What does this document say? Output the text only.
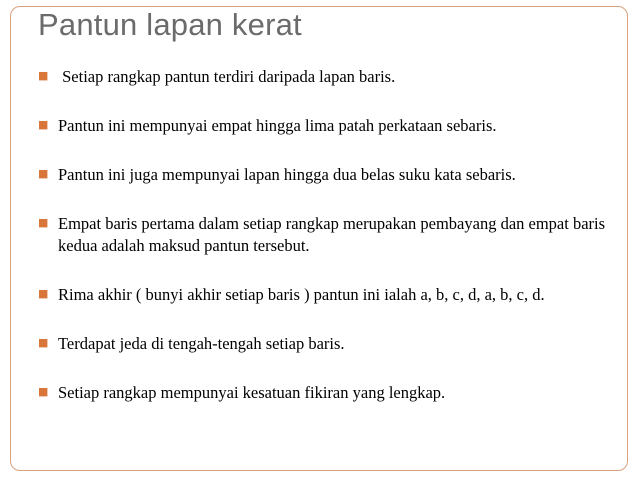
Pantun lapan kerat
■ Setiap rangkap pantun terdiri daripada lapan baris.
■ Pantun ini mempunyai empat hingga lima patah perkataan sebaris.
■ Pantun ini juga mempunyai lapan hingga dua belas suku kata sebaris.
■ Empat baris pertama dalam setiap rangkap merupakan pembayang dan empat baris kedua adalah maksud pantun tersebut.
■ Rima akhir ( bunyi akhir setiap baris ) pantun ini ialah a, b, c, d, a, b, c, d.
■ Terdapat jeda di tengah-tengah setiap baris.
■ Setiap rangkap mempunyai kesatuan fikiran yang lengkap.
